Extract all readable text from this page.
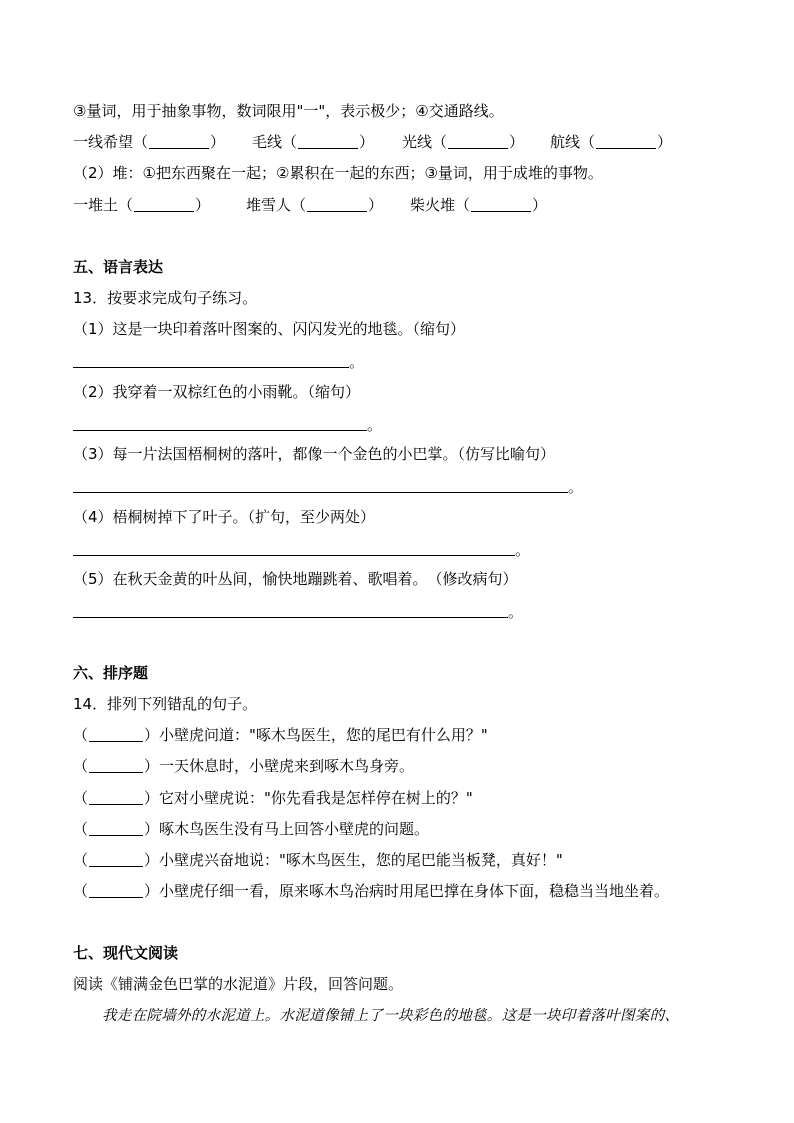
③量词，用于抽象事物，数词限用"一"，表示极少；④交通路线。
一线希望（	） 毛线（	） 光线（	） 航线（	）
（2）堆：①把东西聚在一起；②累积在一起的东西；③量词，用于成堆的事物。
一堆土（	） 堆雪人（	） 柴火堆（	）
五、语言表达
13．按要求完成句子练习。
（1）这是一块印着落叶图案的、闪闪发光的地毯。（缩句）
。
（2）我穿着一双棕红色的小雨靴。（缩句）
。
（3）每一片法国梧桐树的落叶，都像一个金色的小巴掌。（仿写比喻句）
。
（4）梧桐树掉下了叶子。（扩句，至少两处）
。
（5）在秋天金黄的叶丛间，愉快地蹦跳着、歌唱着。　（修改病句）
。
六、排序题
14．排列下列错乱的句子。
（	）小壁虎问道："啄木鸟医生，您的尾巴有什么用？"
（	）一天休息时，小壁虎来到啄木鸟身旁。
（	）它对小壁虎说："你先看我是怎样停在树上的？"
（	）啄木鸟医生没有马上回答小壁虎的问题。
（	）小壁虎兴奋地说："啄木鸟医生，您的尾巴能当板凳，真好！"
（	）小壁虎仔细一看，原来啄木鸟治病时用尾巴撑在身体下面，稳稳当当地坐着。
七、现代文阅读
阅读《铺满金色巴掌的水泥道》片段，回答问题。
我走在院墙外的水泥道上。水泥道像铺上了一块彩色的地毯。这是一块印着落叶图案的、
